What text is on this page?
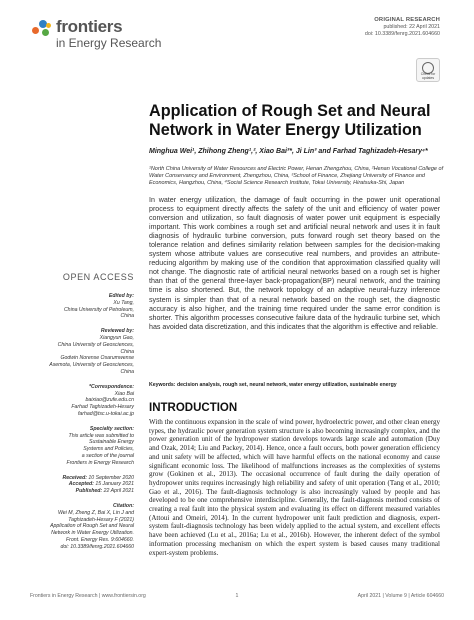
frontiers
in Energy Research
ORIGINAL RESEARCH
published: 22 April 2021
doi: 10.3389/fenrg.2021.604660
Check for updates
Application of Rough Set and Neural Network in Water Energy Utilization
Minghua Wei¹, Zhihong Zheng¹,², Xiao Bai³*, Ji Lin³ and Farhad Taghizadeh-Hesary⁴*
¹North China University of Water Resources and Electric Power, Henan Zhengzhou, China, ²Henan Vocational College of Water Conservancy and Environment, Zhengzhou, China, ³School of Finance, Zhejiang University of Finance and Economics, Hangzhou, China, ⁴Social Science Research Institute, Tokai University, Hiratsuka-Shi, Japan

In water energy utilization, the damage of fault occurring in the power unit operational process to equipment directly affects the safety of the unit and efficiency of water power conversion and utilization, so fault diagnosis of water power unit equipment is especially important. This work combines a rough set and artificial neural network and uses it in fault diagnosis of hydraulic turbine conversion, puts forward rough set theory based on the tolerance relation and defines similarity relation between samples for the decision-making system whose attribute values are consecutive real numbers, and provides an attribute-reducing algorithm by making use of the condition that approximation classified quality will not change. The diagnostic rate of artificial neural networks based on a rough set is higher than that of the general three-layer back-propagation(BP) neural network, and the training time is also shortened. But, the network topology of an adaptive neural-fuzzy inference system is simpler than that of a neural network based on the rough set, the diagnostic accuracy is also higher, and the training time required under the same error condition is shorter. This algorithm processes consecutive failure data of the hydraulic turbine set, which has avoided data discretization, and this indicates that the algorithm is effective and reliable.

Keywords: decision analysis, rough set, neural network, water energy utilization, sustainable energy
INTRODUCTION

With the continuous expansion in the scale of wind power, hydroelectric power, and other clean energy types, the hydraulic power generation system structure is also becoming increasingly complex, and the power generation unit of the hydropower station develops towards large scale and automation (Duy and Ozak, 2014; Liu and Packey, 2014). Hence, once a fault occurs, both power generation efficiency and unit safety will be affected, which will have harmful effects on the national economy and cause significant economic loss. The likelihood of malfunctions increases as the complexities of systems grow (Gokinen et al., 2013). The occasional occurrence of fault during the daily operation of hydropower units requires increasingly high reliability and safety of unit operation (Tang et al., 2010; Gao et al., 2016). The fault-diagnosis technology is also increasingly valued by people and has developed to be one comprehensive interdiscipline. Generally, the fault-diagnosis method consists of creating a real fault into the physical system and evaluating its effect on different measured variables (Attoui and Omeiri, 2014). In the current hydropower unit fault prediction and diagnosis, expert-system fault-diagnosis technology has been widely applied to the actual system, and excellent effects have been achieved (Lu et al., 2016a; Lu et al., 2016b). However, the inherent defect of the symbol information processing mechanism on which the expert system is based causes many traditional expert-system problems.

OPEN ACCESS
Edited by:
Xu Tang,
China University of Petroleum,
China
Reviewed by:
Xiangyun Gao,
China University of Geosciences,
China
Godwin Norense Osarumwense
Asemota, University of Geosciences,
China
*Correspondence:
Xiao Bai
baixiao@zufe.edu.cn
Farhad Taghizadeh-Hesary
farhad@tsc.u-tokai.ac.jp
Specialty section:
This article was submitted to
Sustainable Energy
Systems and Policies,
a section of the journal
Frontiers in Energy Research
Received: 10 September 2020
Accepted: 15 January 2021
Published: 22 April 2021
Citation:
Wei M, Zheng Z, Bai X, Lin J and
Taghizadeh-Hesary F (2021)
Application of Rough Set and Neural
Network in Water Energy Utilization.
Front. Energy Res. 9:604660.
doi: 10.3389/fenrg.2021.604660
Frontiers in Energy Research | www.frontiersin.org	1	April 2021 | Volume 9 | Article 604660
